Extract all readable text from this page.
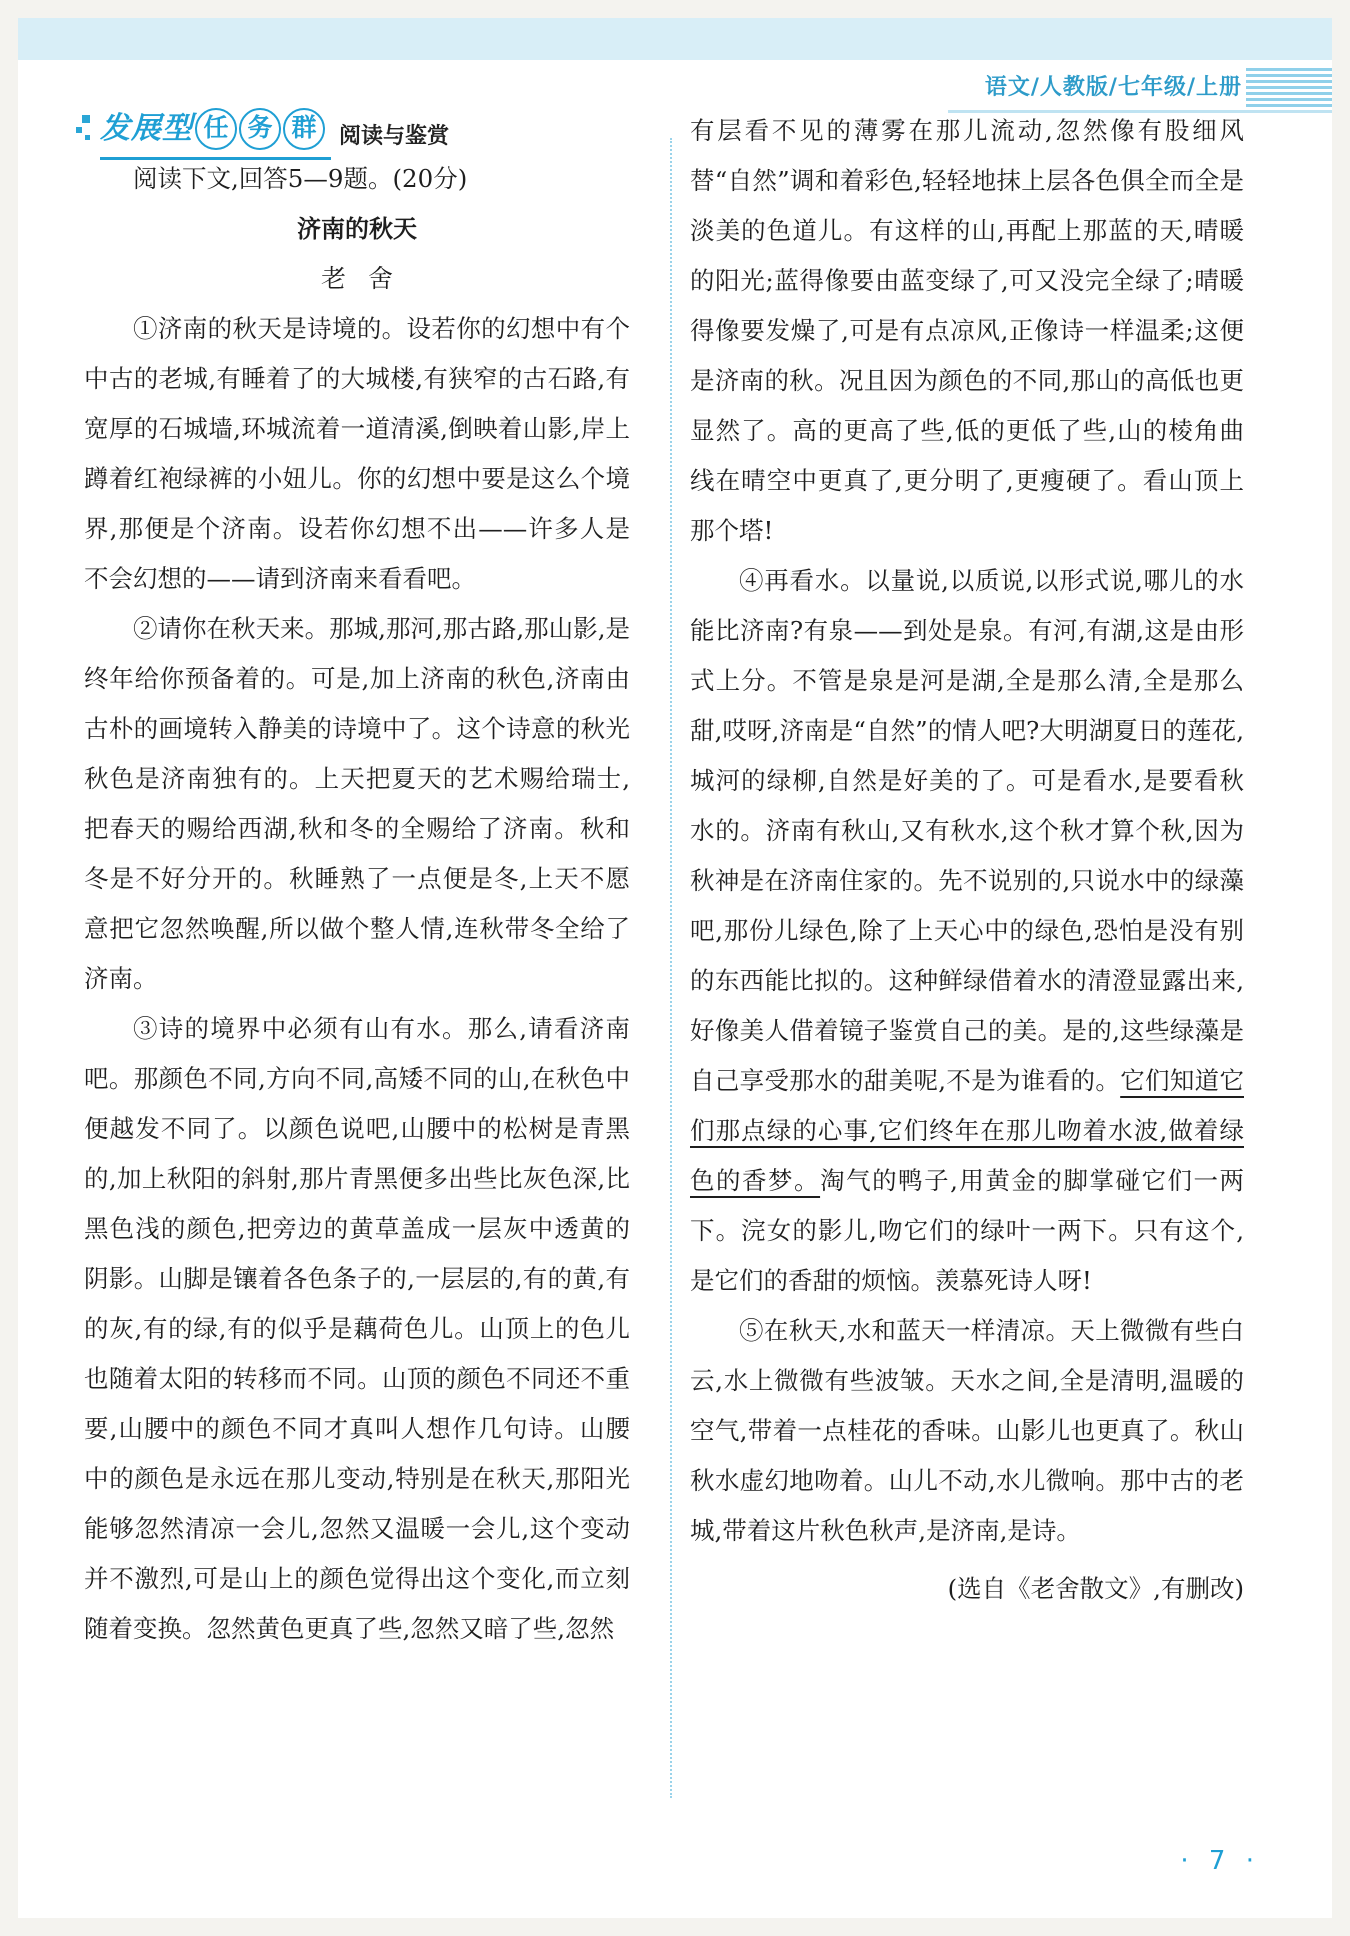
语文/人教版/七年级/上册
· 7 ·
发展型 任 务 群	阅读与鉴赏

阅读下文,回答5—9题。(20分)

济南的秋天
老舍

①济南的秋天是诗境的。设若你的幻想中有个中古的老城,有睡着了的大城楼,有狭窄的古石路,有宽厚的石城墙,环城流着一道清溪,倒映着山影,岸上蹲着红袍绿裤的小妞儿。你的幻想中要是这么个境界,那便是个济南。设若你幻想不出——许多人是不会幻想的——请到济南来看看吧。

②请你在秋天来。那城,那河,那古路,那山影,是终年给你预备着的。可是,加上济南的秋色,济南由古朴的画境转入静美的诗境中了。这个诗意的秋光秋色是济南独有的。上天把夏天的艺术赐给瑞士,把春天的赐给西湖,秋和冬的全赐给了济南。秋和冬是不好分开的。秋睡熟了一点便是冬,上天不愿意把它忽然唤醒,所以做个整人情,连秋带冬全给了济南。

③诗的境界中必须有山有水。那么,请看济南吧。那颜色不同,方向不同,高矮不同的山,在秋色中便越发不同了。以颜色说吧,山腰中的松树是青黑的,加上秋阳的斜射,那片青黑便多出些比灰色深,比黑色浅的颜色,把旁边的黄草盖成一层灰中透黄的阴影。山脚是镶着各色条子的,一层层的,有的黄,有的灰,有的绿,有的似乎是藕荷色儿。山顶上的色儿也随着太阳的转移而不同。山顶的颜色不同还不重要,山腰中的颜色不同才真叫人想作几句诗。山腰中的颜色是永远在那儿变动,特别是在秋天,那阳光能够忽然清凉一会儿,忽然又温暖一会儿,这个变动并不激烈,可是山上的颜色觉得出这个变化,而立刻随着变换。忽然黄色更真了些,忽然又暗了些,忽然

有层看不见的薄雾在那儿流动,忽然像有股细风替“自然”调和着彩色,轻轻地抹上层各色俱全而全是淡美的色道儿。有这样的山,再配上那蓝的天,晴暖的阳光;蓝得像要由蓝变绿了,可又没完全绿了;晴暖得像要发燥了,可是有点凉风,正像诗一样温柔;这便是济南的秋。况且因为颜色的不同,那山的高低也更显然了。高的更高了些,低的更低了些,山的棱角曲线在晴空中更真了,更分明了,更瘦硬了。看山顶上那个塔!

④再看水。以量说,以质说,以形式说,哪儿的水能比济南?有泉——到处是泉。有河,有湖,这是由形式上分。不管是泉是河是湖,全是那么清,全是那么甜,哎呀,济南是“自然”的情人吧?大明湖夏日的莲花,城河的绿柳,自然是好美的了。可是看水,是要看秋水的。济南有秋山,又有秋水,这个秋才算个秋,因为秋神是在济南住家的。先不说别的,只说水中的绿藻吧,那份儿绿色,除了上天心中的绿色,恐怕是没有别的东西能比拟的。这种鲜绿借着水的清澄显露出来,好像美人借着镜子鉴赏自己的美。是的,这些绿藻是自己享受那水的甜美呢,不是为谁看的。它们知道它们那点绿的心事,它们终年在那儿吻着水波,做着绿色的香梦。淘气的鸭子,用黄金的脚掌碰它们一两下。浣女的影儿,吻它们的绿叶一两下。只有这个,是它们的香甜的烦恼。羡慕死诗人呀!

⑤在秋天,水和蓝天一样清凉。天上微微有些白云,水上微微有些波皱。天水之间,全是清明,温暖的空气,带着一点桂花的香味。山影儿也更真了。秋山秋水虚幻地吻着。山儿不动,水儿微响。那中古的老城,带着这片秋色秋声,是济南,是诗。

(选自《老舍散文》,有删改)
